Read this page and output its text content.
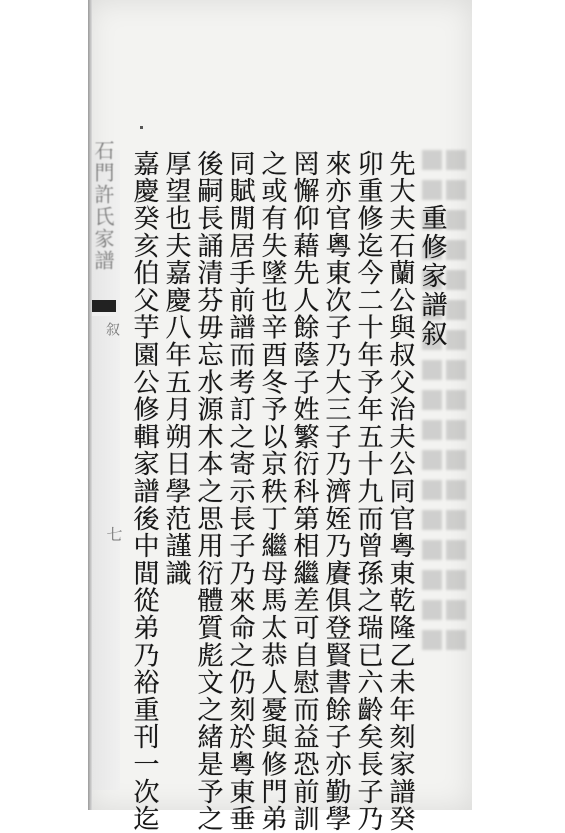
石門許氏家譜
叙
七
重修家譜叙
先大夫石蘭公與叔父治夫公同官粵東乾隆乙未年刻家譜癸
卯重修迄今二十年予年五十九而曾孫之瑞已六齡矣長子乃
來亦官粵東次子乃大三子乃濟姪乃賡俱登賢書餘子亦勤學
罔懈仰藉先人餘蔭子姓繁衍科第相繼差可自慰而益恐前訓
之或有失墜也辛酉冬予以京秩丁繼母馬太恭人憂與修門弟
同賦閒居手前譜而考訂之寄示長子乃來命之仍刻於粵東垂
後嗣長誦清芬毋忘水源木本之思用衍體質彪文之緒是予之
厚望也夫嘉慶八年五月朔日學范謹識
嘉慶癸亥伯父芋園公修輯家譜後中間從弟乃裕重刊一次迄
